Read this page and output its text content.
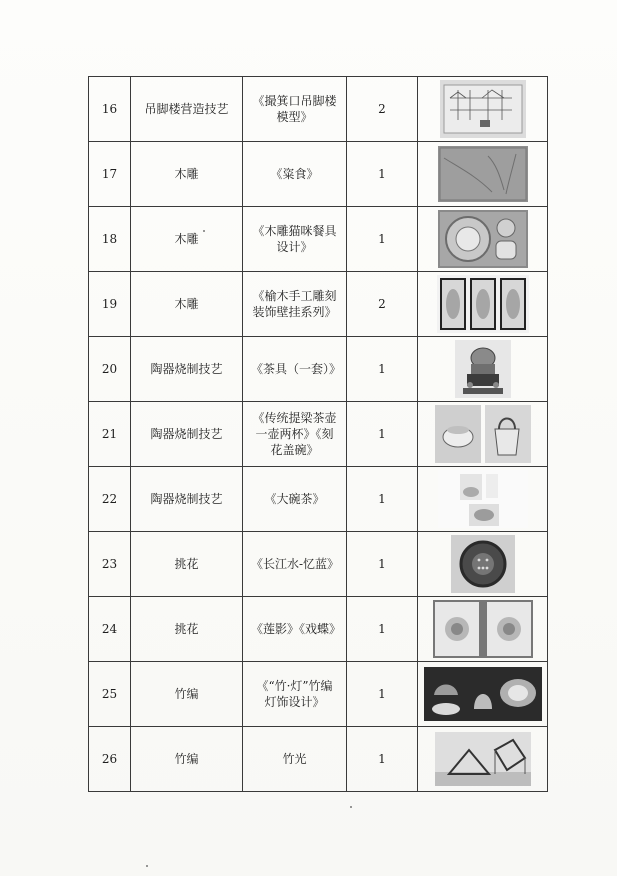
16	吊脚楼营造技艺	《撮箕口吊脚楼模型》	2	

17	木雕	《粢食》	1	

18	木雕	《木雕猫咪餐具设计》	1	

19	木雕	《榆木手工雕刻装饰壁挂系列》	2	

20	陶器烧制技艺	《茶具（一套）》	1	

21	陶器烧制技艺	《传统提梁茶壶一壶两杯》《刻花盖碗》	1	

22	陶器烧制技艺	《大碗茶》	1	

23	挑花	《长江水-忆蓝》	1	

24	挑花	《莲影》《戏蝶》	1	

25	竹编	《“竹·灯”竹编灯饰设计》	1	

26	竹编	竹光	1	
